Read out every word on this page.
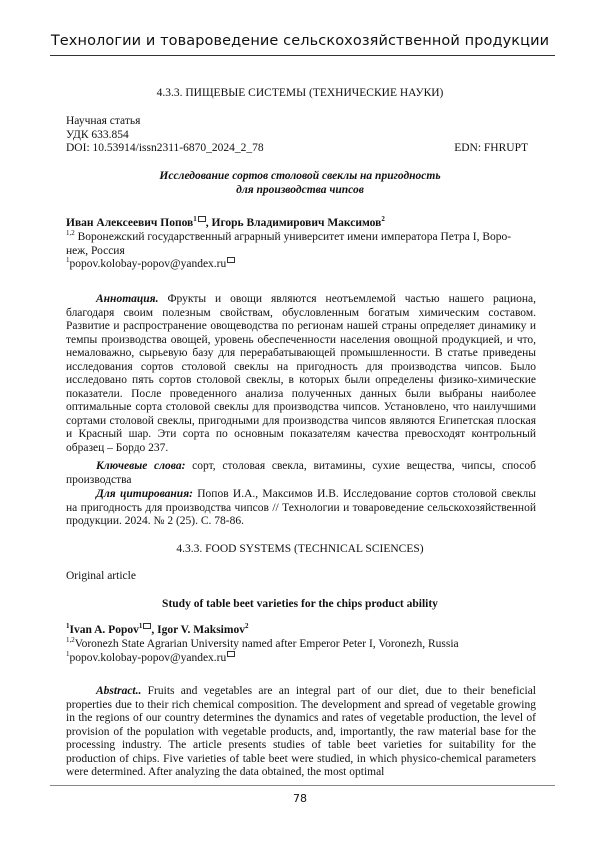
Технологии и товароведение сельскохозяйственной продукции
4.3.3. ПИЩЕВЫЕ СИСТЕМЫ (ТЕХНИЧЕСКИЕ НАУКИ)
Научная статья
УДК 633.854
DOI: 10.53914/issn2311-6870_2024_2_78	EDN: FHRUPT
Исследование сортов столовой свеклы на пригодность
для производства чипсов
Иван Алексеевич Попов$^1$ , Игорь Владимирович Максимов$^2$
$^{1,2}$ Воронежский государственный аграрный университет имени императора Петра I, Воро-
неж, Россия
$^1$popov.kolobay-popov@yandex.ru
Аннотация. Фрукты и овощи являются неотъемлемой частью нашего рациона, благодаря своим полезным свойствам, обусловленным богатым химическим составом. Развитие и распространение овощеводства по регионам нашей страны определяет динамику и темпы производства овощей, уровень обеспеченности населения овощной продукцией, и что, немаловажно, сырьевую базу для перерабатывающей промышленности. В статье приведены исследования сортов столовой свеклы на пригодность для производства чипсов. Было исследовано пять сортов столовой свеклы, в которых были определены физико-химические показатели. После проведенного анализа полученных данных были выбраны наиболее оптимальные сорта столовой свеклы для производства чипсов. Установлено, что наилучшими сортами столовой свеклы, пригодными для производства чипсов являются Египетская плоская и Красный шар. Эти сорта по основным показателям качества превосходят контрольный образец – Бордо 237.
Ключевые слова: сорт, столовая свекла, витамины, сухие вещества, чипсы, способ производства
Для цитирования: Попов И.А., Максимов И.В. Исследование сортов столовой свеклы на пригодность для производства чипсов // Технологии и товароведение сельскохозяйственной продукции. 2024. № 2 (25). С. 78-86.
4.3.3. FOOD SYSTEMS (TECHNICAL SCIENCES)
Original article
Study of table beet varieties for the chips product ability
$^1$Ivan A. Popov$^1$ , Igor V. Maksimov$^2$
$^{1,2}$Voronezh State Agrarian University named after Emperor Peter I, Voronezh, Russia
$^1$popov.kolobay-popov@yandex.ru
Abstract.. Fruits and vegetables are an integral part of our diet, due to their beneficial properties due to their rich chemical composition. The development and spread of vegetable growing in the regions of our country determines the dynamics and rates of vegetable production, the level of provision of the population with vegetable products, and, importantly, the raw material base for the processing industry. The article presents studies of table beet varieties for suitability for the production of chips. Five varieties of table beet were studied, in which physico-chemical parameters were determined. After analyzing the data obtained, the most optimal
78
